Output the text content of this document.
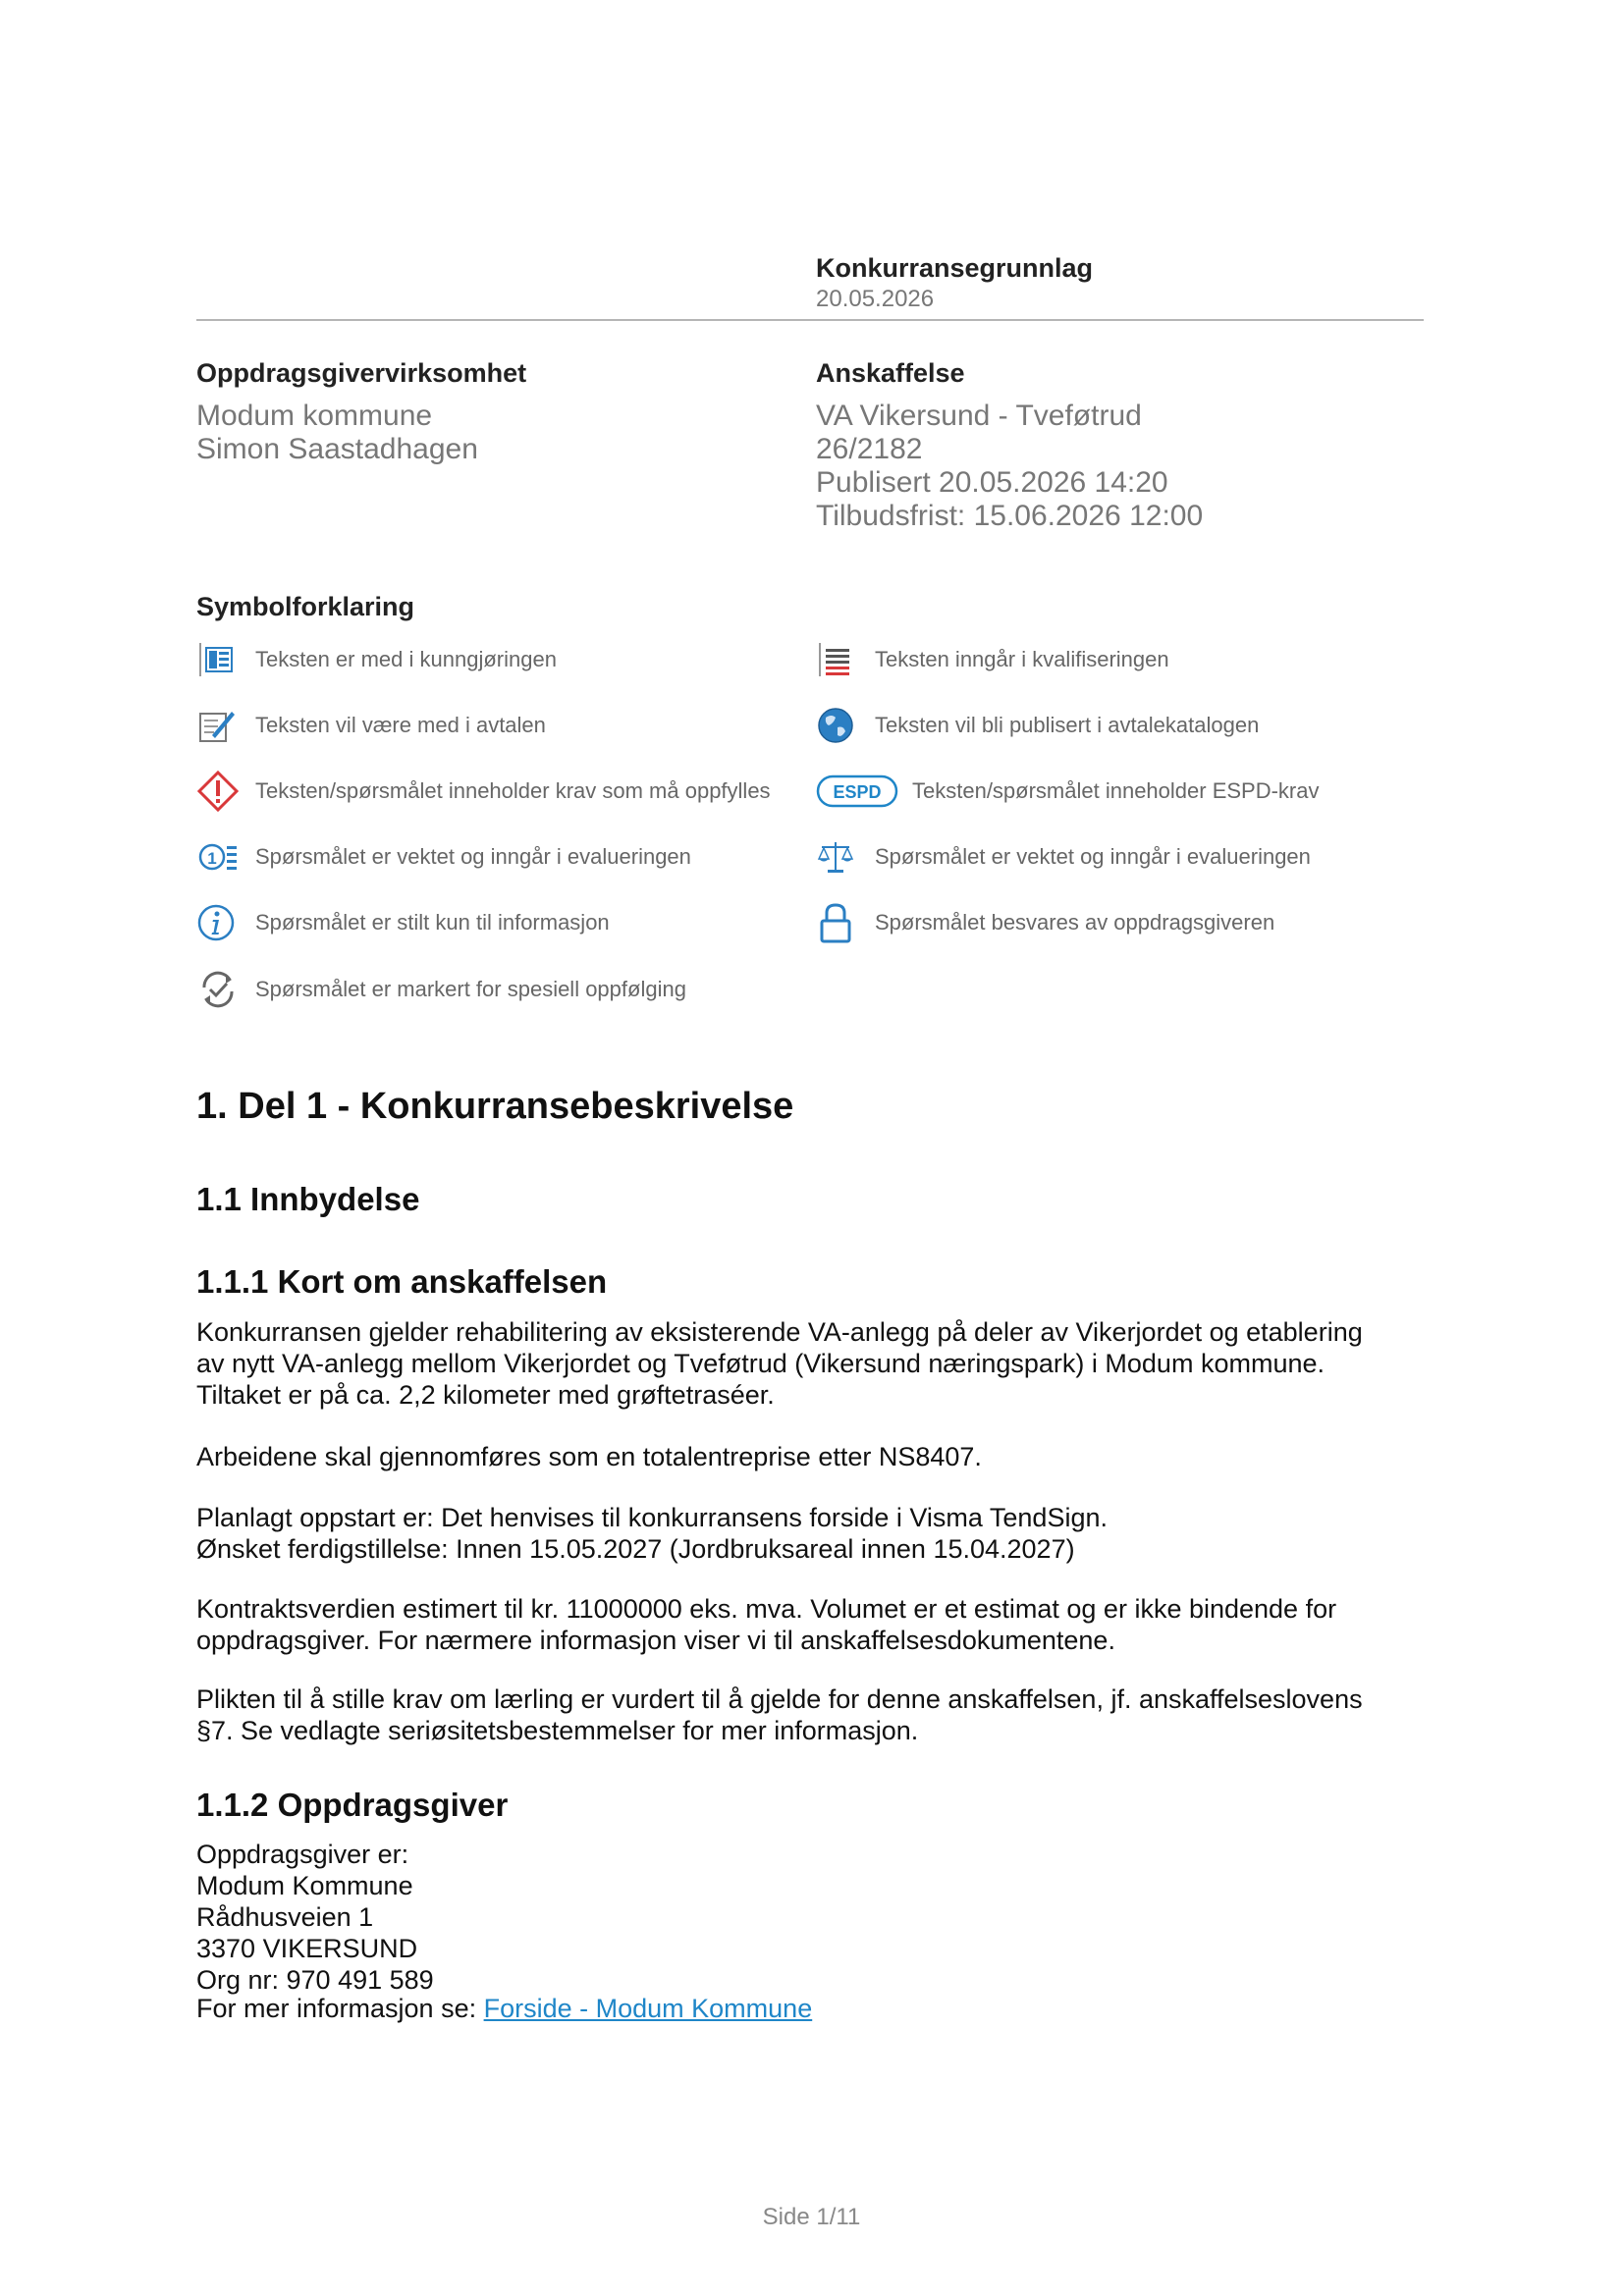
Konkurransegrunnlag
20.05.2026
Oppdragsgivervirksomhet
Modum kommune
Simon Saastadhagen
Anskaffelse
VA Vikersund - Tveføtrud
26/2182
Publisert 20.05.2026 14:20
Tilbudsfrist: 15.06.2026 12:00
Symbolforklaring
Teksten er med i kunngjøringen	Teksten inngår i kvalifiseringen
Teksten vil være med i avtalen	Teksten vil bli publisert i avtalekatalogen
Teksten/spørsmålet inneholder krav som må oppfylles	ESPD Teksten/spørsmålet inneholder ESPD-krav
1 Spørsmålet er vektet og inngår i evalueringen	Spørsmålet er vektet og inngår i evalueringen
Spørsmålet er stilt kun til informasjon	Spørsmålet besvares av oppdragsgiveren
Spørsmålet er markert for spesiell oppfølging
1. Del 1 - Konkurransebeskrivelse
1.1 Innbydelse
1.1.1 Kort om anskaffelsen
Konkurransen gjelder rehabilitering av eksisterende VA-anlegg på deler av Vikerjordet og etablering
av nytt VA-anlegg mellom Vikerjordet og Tveføtrud (Vikersund næringspark) i Modum kommune.
Tiltaket er på ca. 2,2 kilometer med grøftetraséer.
Arbeidene skal gjennomføres som en totalentreprise etter NS8407.
Planlagt oppstart er: Det henvises til konkurransens forside i Visma TendSign.
Ønsket ferdigstillelse: Innen 15.05.2027 (Jordbruksareal innen 15.04.2027)
Kontraktsverdien estimert til kr. 11000000 eks. mva. Volumet er et estimat og er ikke bindende for
oppdragsgiver. For nærmere informasjon viser vi til anskaffelsesdokumentene.
Plikten til å stille krav om lærling er vurdert til å gjelde for denne anskaffelsen, jf. anskaffelseslovens
§7. Se vedlagte seriøsitetsbestemmelser for mer informasjon.
1.1.2 Oppdragsgiver
Oppdragsgiver er:
Modum Kommune
Rådhusveien 1
3370 VIKERSUND
Org nr: 970 491 589
For mer informasjon se: Forside - Modum Kommune
Side 1/11
